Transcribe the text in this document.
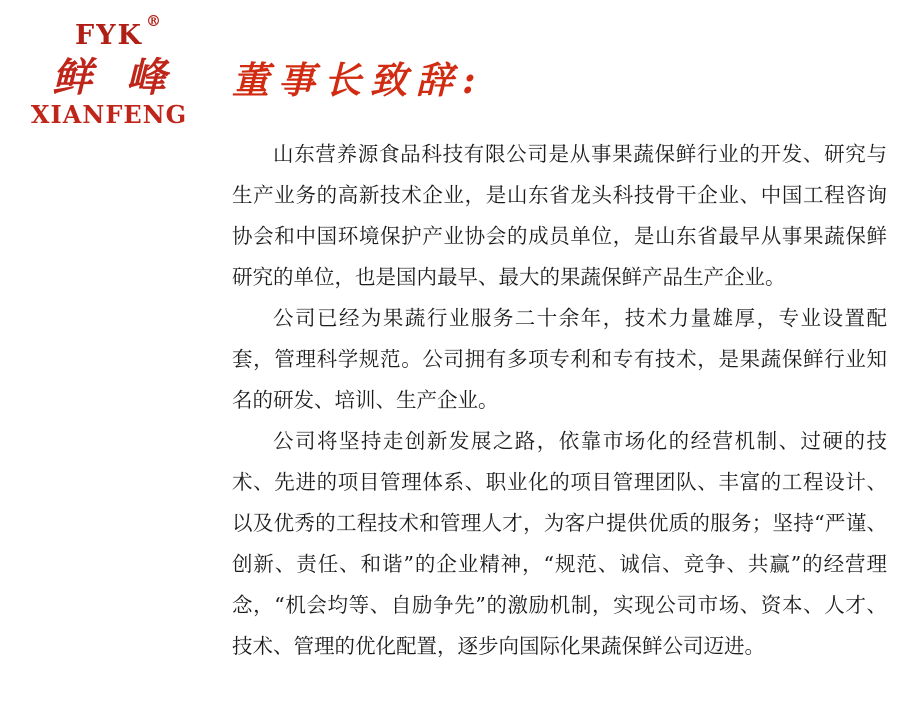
FYK ®
鲜 峰
XIANFENG
董事长致辞:

山东营养源食品科技有限公司是从事果蔬保鲜行业的开发、研究与生产业务的高新技术企业，是山东省龙头科技骨干企业、中国工程咨询协会和中国环境保护产业协会的成员单位，是山东省最早从事果蔬保鲜研究的单位，也是国内最早、最大的果蔬保鲜产品生产企业。

公司已经为果蔬行业服务二十余年，技术力量雄厚，专业设置配套，管理科学规范。公司拥有多项专利和专有技术，是果蔬保鲜行业知名的研发、培训、生产企业。

公司将坚持走创新发展之路，依靠市场化的经营机制、过硬的技术、先进的项目管理体系、职业化的项目管理团队、丰富的工程设计、以及优秀的工程技术和管理人才，为客户提供优质的服务；坚持“严谨、创新、责任、和谐”的企业精神，“规范、诚信、竞争、共赢”的经营理念，“机会均等、自励争先”的激励机制，实现公司市场、资本、人才、技术、管理的优化配置，逐步向国际化果蔬保鲜公司迈进。
